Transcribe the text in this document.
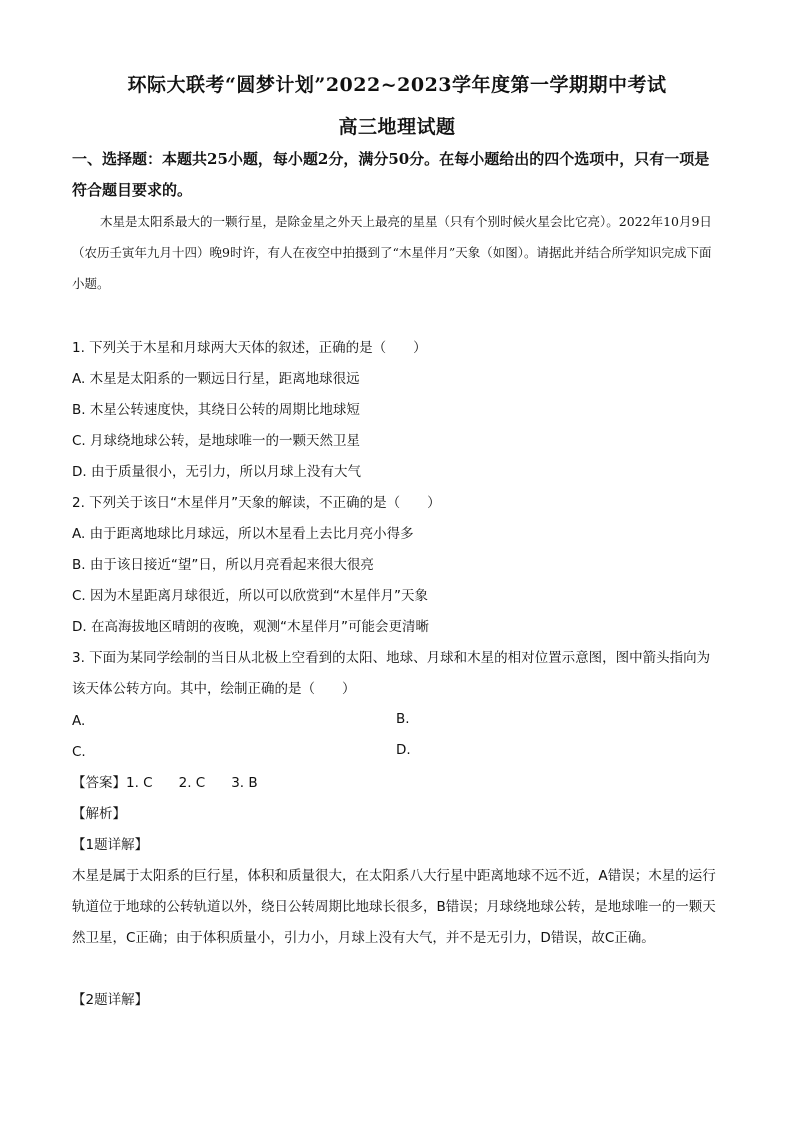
环际大联考“圆梦计划”2022~2023学年度第一学期期中考试
高三地理试题
一、选择题：本题共25小题，每小题2分，满分50分。在每小题给出的四个选项中，只有一项是符合题目要求的。
木星是太阳系最大的一颗行星，是除金星之外天上最亮的星星（只有个别时候火星会比它亮）。2022年10月9日（农历壬寅年九月十四）晚9时许，有人在夜空中拍摄到了“木星伴月”天象（如图）。请据此并结合所学知识完成下面小题。
1. 下列关于木星和月球两大天体的叙述，正确的是（　　）
A. 木星是太阳系的一颗远日行星，距离地球很远
B. 木星公转速度快，其绕日公转的周期比地球短
C. 月球绕地球公转，是地球唯一的一颗天然卫星
D. 由于质量很小，无引力，所以月球上没有大气
2. 下列关于该日“木星伴月”天象的解读，不正确的是（　　）
A. 由于距离地球比月球远，所以木星看上去比月亮小得多
B. 由于该日接近“望”日，所以月亮看起来很大很亮
C. 因为木星距离月球很近，所以可以欣赏到“木星伴月”天象
D. 在高海拔地区晴朗的夜晚，观测“木星伴月”可能会更清晰
3. 下面为某同学绘制的当日从北极上空看到的太阳、地球、月球和木星的相对位置示意图，图中箭头指向为该天体公转方向。其中，绘制正确的是（　　）
A.	B.
C.	D.
【答案】1. C 2. C 3. B
【解析】
【1题详解】
木星是属于太阳系的巨行星，体积和质量很大，在太阳系八大行星中距离地球不远不近，A错误；木星的运行轨道位于地球的公转轨道以外，绕日公转周期比地球长很多，B错误；月球绕地球公转，是地球唯一的一颗天然卫星，C正确；由于体积质量小，引力小，月球上没有大气，并不是无引力，D错误，故C正确。
【2题详解】
